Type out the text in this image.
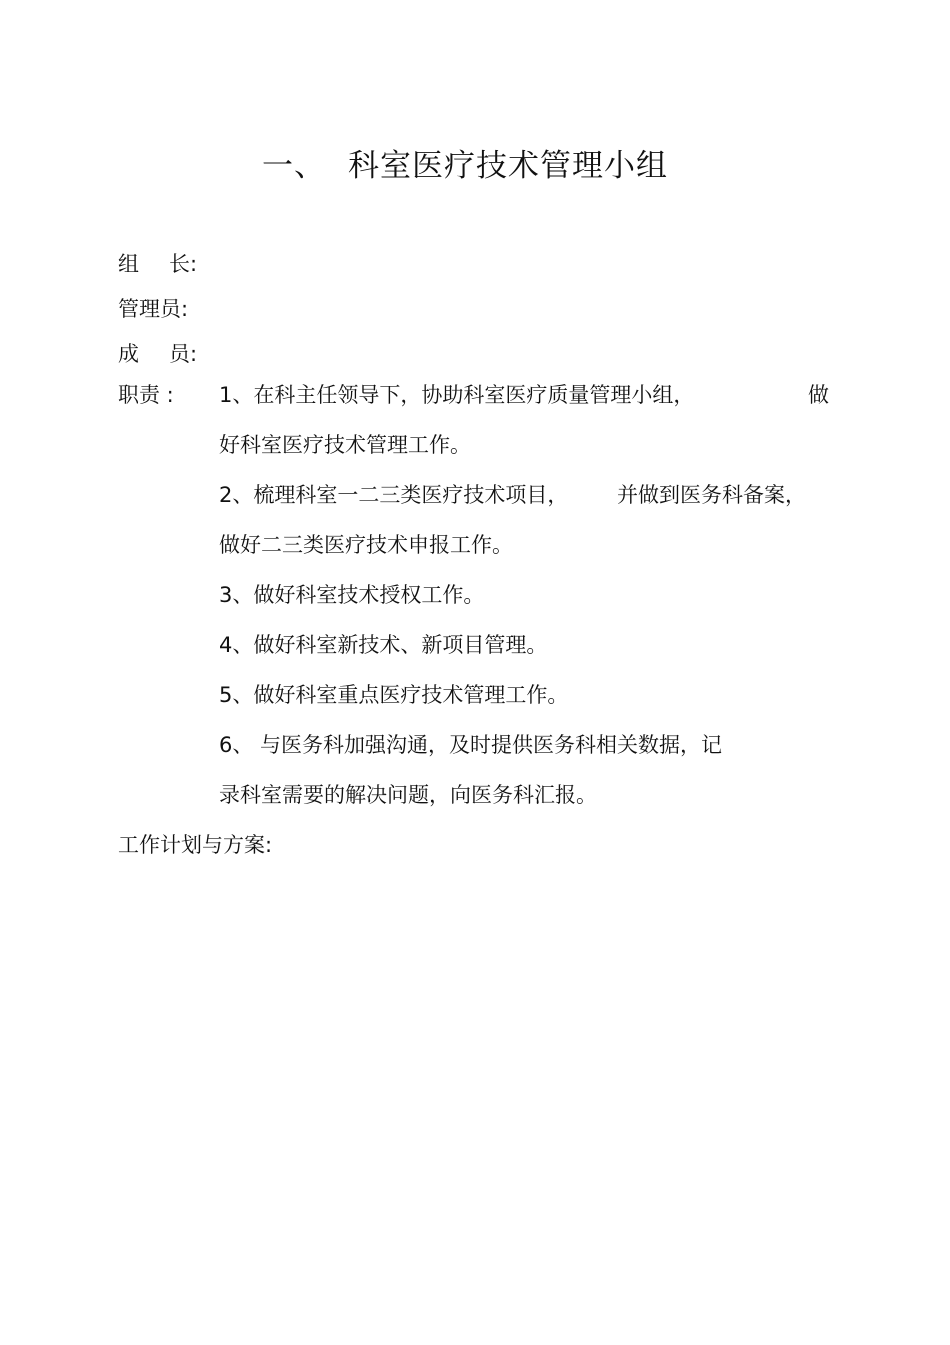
一、 科室医疗技术管理小组
组 长:
管理员:
成 员:
职责 : 1、在科主任领导下，协助科室医疗质量管理小组，	做
好科室医疗技术管理工作。
2、梳理科室一二三类医疗技术项目， 并做到医务科备案，
做好二三类医疗技术申报工作。
3、做好科室技术授权工作。
4、做好科室新技术、新项目管理。
5、做好科室重点医疗技术管理工作。
6、 与医务科加强沟通，及时提供医务科相关数据，记
录科室需要的解决问题，向医务科汇报。
工作计划与方案:
